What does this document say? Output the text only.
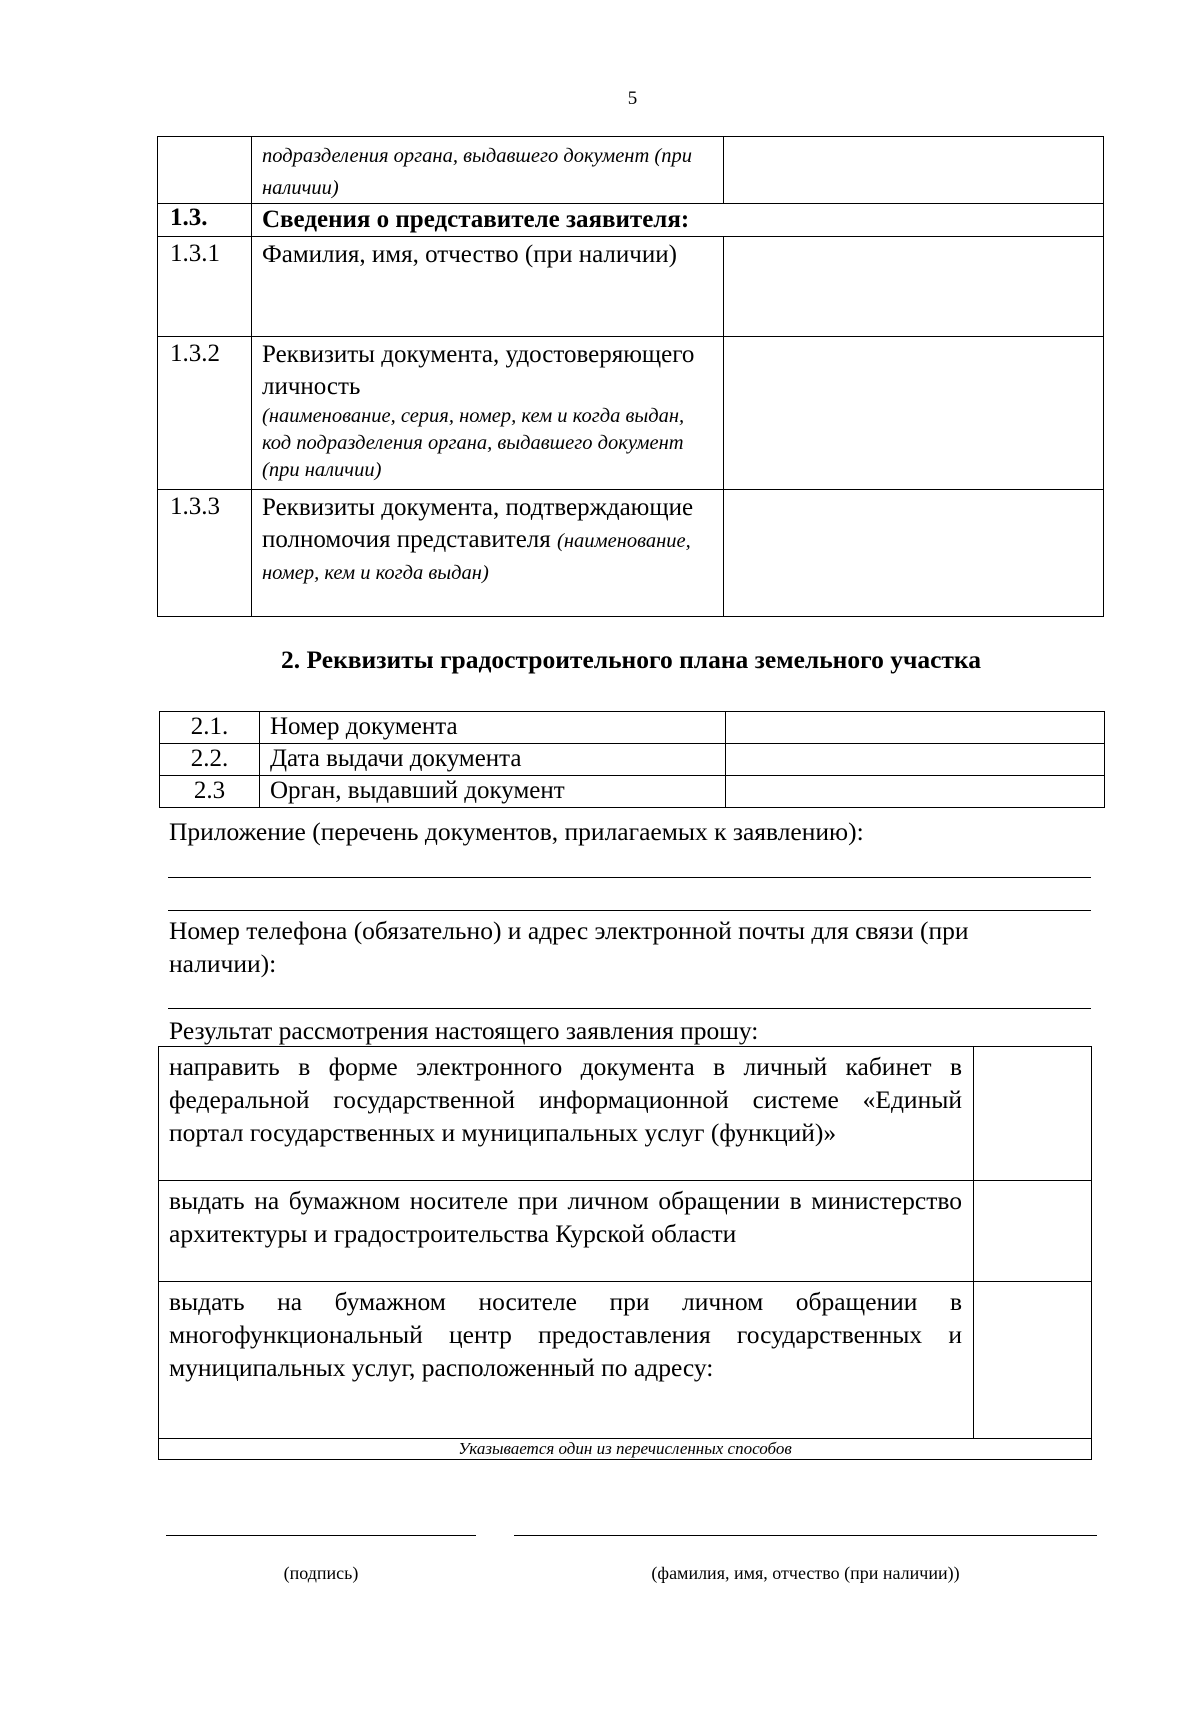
5
	подразделения органа, выдавшего документ (при наличии)	
1.3.	Сведения о представителе заявителя:	
1.3.1	Фамилия, имя, отчество (при наличии)	
1.3.2	Реквизиты документа, удостоверяющего личность
(наименование, серия, номер, кем и когда выдан, код подразделения органа, выдавшего документ (при наличии)	

1.3.3	Реквизиты документа, подтверждающие полномочия представителя (наименование, номер, кем и когда выдан)	
2. Реквизиты градостроительного плана земельного участка
2.1.	Номер документа	
2.2.	Дата выдачи документа	
2.3	Орган, выдавший документ	
Приложение (перечень документов, прилагаемых к заявлению):
Номер телефона (обязательно) и адрес электронной почты для связи (при наличии):
Результат рассмотрения настоящего заявления прошу:
направить в форме электронного документа в личный кабинет в федеральной государственной информационной системе «Единый портал государственных и муниципальных услуг (функций)»	
выдать на бумажном носителе при личном обращении в министерство архитектуры и градостроительства Курской области	
выдать на бумажном носителе при личном обращении в многофункциональный центр предоставления государственных и муниципальных услуг, расположенный по адресу:	
Указывается один из перечисленных способов	
(подпись)	(фамилия, имя, отчество (при наличии))
